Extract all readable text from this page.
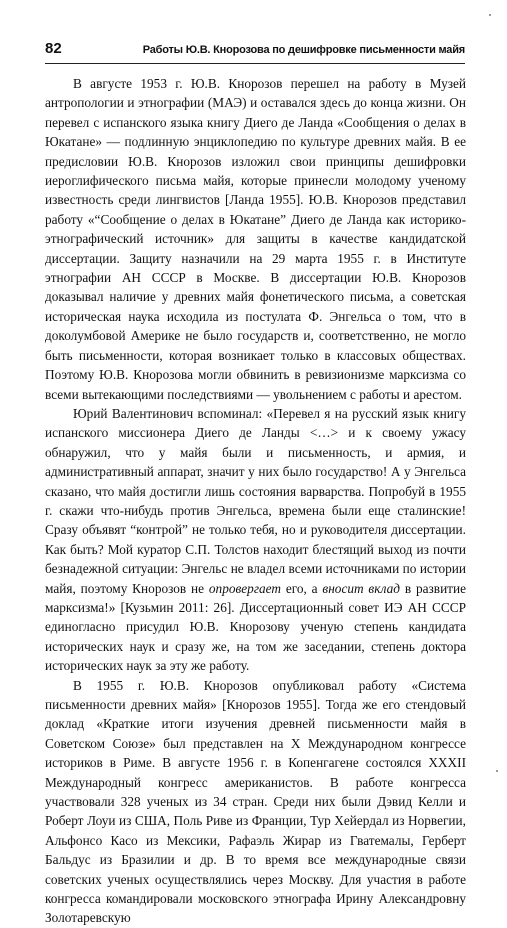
82	Работы Ю.В. Кнорозова по дешифровке письменности майя

В августе 1953 г. Ю.В. Кнорозов перешел на работу в Музей антропологии и этнографии (МАЭ) и оставался здесь до конца жизни. Он перевел с испанского языка книгу Диего де Ланда «Сообщения о делах в Юкатане» — подлинную энциклопедию по культуре древних майя. В ее предисловии Ю.В. Кнорозов изложил свои принципы дешифровки иероглифического письма майя, которые принесли молодому ученому известность среди лингвистов [Ланда 1955]. Ю.В. Кнорозов представил работу «“Сообщение о делах в Юкатане” Диего де Ланда как историко-этнографический источник» для защиты в качестве кандидатской диссертации. Защиту назначили на 29 марта 1955 г. в Институте этнографии АН СССР в Москве. В диссертации Ю.В. Кнорозов доказывал наличие у древних майя фонетического письма, а советская историческая наука исходила из постулата Ф. Энгельса о том, что в доколумбовой Америке не было государств и, соответственно, не могло быть письменности, которая возникает только в классовых обществах. Поэтому Ю.В. Кнорозова могли обвинить в ревизионизме марксизма со всеми вытекающими последствиями — увольнением с работы и арестом.

Юрий Валентинович вспоминал: «Перевел я на русский язык книгу испанского миссионера Диего де Ланды <…> и к своему ужасу обнаружил, что у майя были и письменность, и армия, и административный аппарат, значит у них было государство! А у Энгельса сказано, что майя достигли лишь состояния варварства. Попробуй в 1955 г. скажи что-нибудь против Энгельса, времена были еще сталинские! Сразу объявят “контрой” не только тебя, но и руководителя диссертации. Как быть? Мой куратор С.П. Толстов находит блестящий выход из почти безнадежной ситуации: Энгельс не владел всеми источниками по истории майя, поэтому Кнорозов не опровергает его, а вносит вклад в развитие марксизма!» [Кузьмин 2011: 26]. Диссертационный совет ИЭ АН СССР единогласно присудил Ю.В. Кнорозову ученую степень кандидата исторических наук и сразу же, на том же заседании, степень доктора исторических наук за эту же работу.

В 1955 г. Ю.В. Кнорозов опубликовал работу «Система письменности древних майя» [Кнорозов 1955]. Тогда же его стендовый доклад «Краткие итоги изучения древней письменности майя в Советском Союзе» был представлен на X Международном конгрессе историков в Риме. В августе 1956 г. в Копенгагене состоялся XXXII Международный конгресс американистов. В работе конгресса участвовали 328 ученых из 34 стран. Среди них были Дэвид Келли и Роберт Лоуи из США, Поль Риве из Франции, Тур Хейердал из Норвегии, Альфонсо Касо из Мексики, Рафаэль Жирар из Гватемалы, Герберт Бальдус из Бразилии и др. В то время все международные связи советских ученых осуществлялись через Москву. Для участия в работе конгресса командировали московского этнографа Ирину Александровну Золотаревскую
